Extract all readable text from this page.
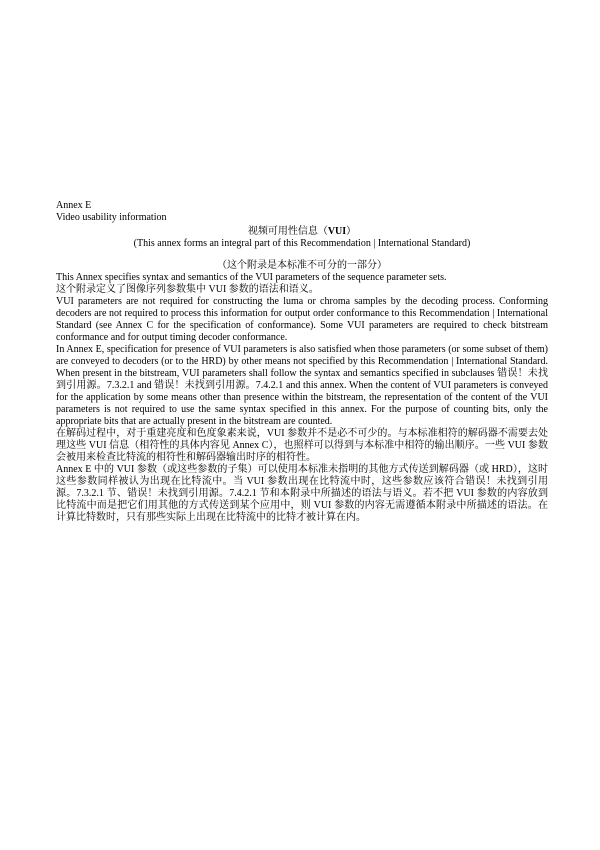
Annex E

Video usability information

视频可用性信息（VUI）

(This annex forms an integral part of this Recommendation | International Standard)

（这个附录是本标准不可分的一部分）

This Annex specifies syntax and semantics of the VUI parameters of the sequence parameter sets.

这个附录定义了图像序列参数集中 VUI 参数的语法和语义。

VUI parameters are not required for constructing the luma or chroma samples by the decoding process. Conforming decoders are not required to process this information for output order conformance to this Recommendation | International Standard (see Annex C for the specification of conformance). Some VUI parameters are required to check bitstream conformance and for output timing decoder conformance.

In Annex E, specification for presence of VUI parameters is also satisfied when those parameters (or some subset of them) are conveyed to decoders (or to the HRD) by other means not specified by this Recommendation | International Standard. When present in the bitstream, VUI parameters shall follow the syntax and semantics specified in subclauses 错误！未找到引用源。7.3.2.1 and 错误！未找到引用源。7.4.2.1 and this annex. When the content of VUI parameters is conveyed for the application by some means other than presence within the bitstream, the representation of the content of the VUI parameters is not required to use the same syntax specified in this annex. For the purpose of counting bits, only the appropriate bits that are actually present in the bitstream are counted.

在解码过程中，对于重建亮度和色度象素来说，VUI 参数并不是必不可少的。与本标准相符的解码器不需要去处理这些 VUI 信息（相符性的具体内容见 Annex C），也照样可以得到与本标准中相符的输出顺序。一些 VUI 参数会被用来检查比特流的相符性和解码器输出时序的相符性。

Annex E 中的 VUI 参数（或这些参数的子集）可以使用本标准未指明的其他方式传送到解码器（或 HRD），这时这些参数同样被认为出现在比特流中。当 VUI 参数出现在比特流中时，这些参数应该符合错误！未找到引用源。7.3.2.1 节、错误！未找到引用源。7.4.2.1 节和本附录中所描述的语法与语义。若不把 VUI 参数的内容放到比特流中而是把它们用其他的方式传送到某个应用中，则 VUI 参数的内容无需遵循本附录中所描述的语法。在计算比特数时，只有那些实际上出现在比特流中的比特才被计算在内。
